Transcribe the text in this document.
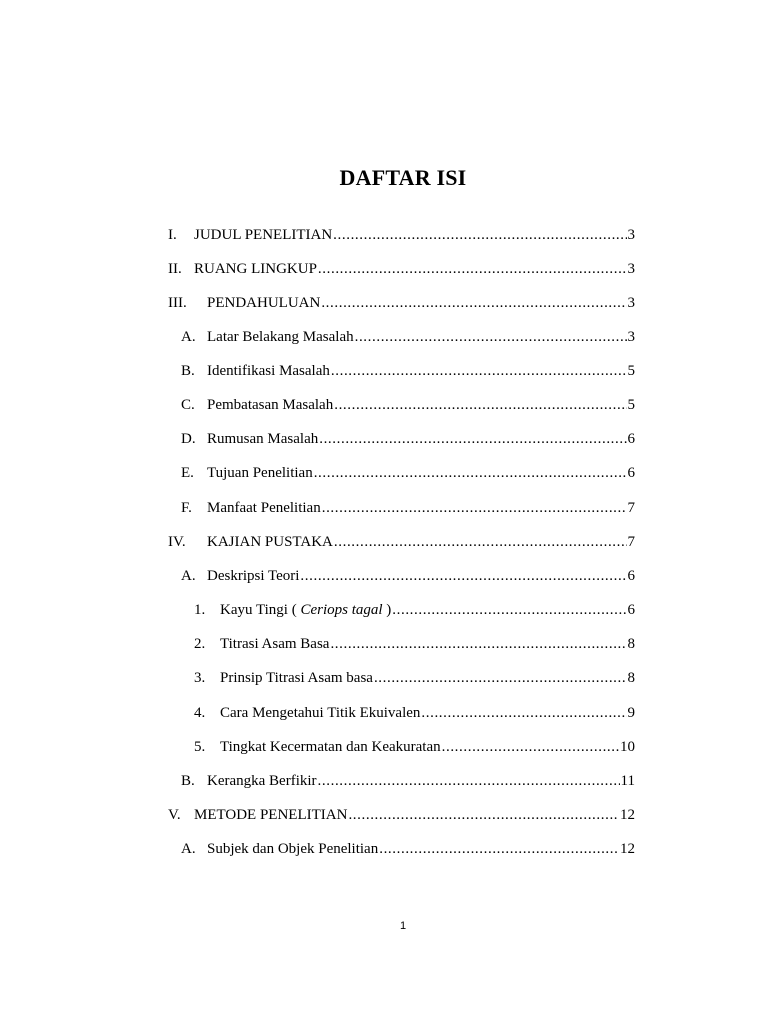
DAFTAR ISI
I.	JUDUL PENELITIAN .....	3
II. RUANG LINGKUP .....	3
III.	PENDAHULUAN .....	3
A. Latar Belakang Masalah .....	3
B. Identifikasi Masalah .....	5
C. Pembatasan Masalah .....	5
D. Rumusan Masalah .....	6
E. Tujuan Penelitian .....	6
F.	Manfaat Penelitian .....	7
IV.	KAJIAN PUSTAKA .....	7
A. Deskripsi Teori .....	6
1. Kayu Tingi ( Ceriops tagal ) .....	6
2. Titrasi Asam Basa .....	8
3. Prinsip Titrasi Asam basa .....	8
4. Cara Mengetahui Titik Ekuivalen .....	9
5. Tingkat Kecermatan dan Keakuratan .....	10
B. Kerangka Berfikir .....	11
V. METODE PENELITIAN .....	12
A. Subjek dan Objek Penelitian .....	12
1
